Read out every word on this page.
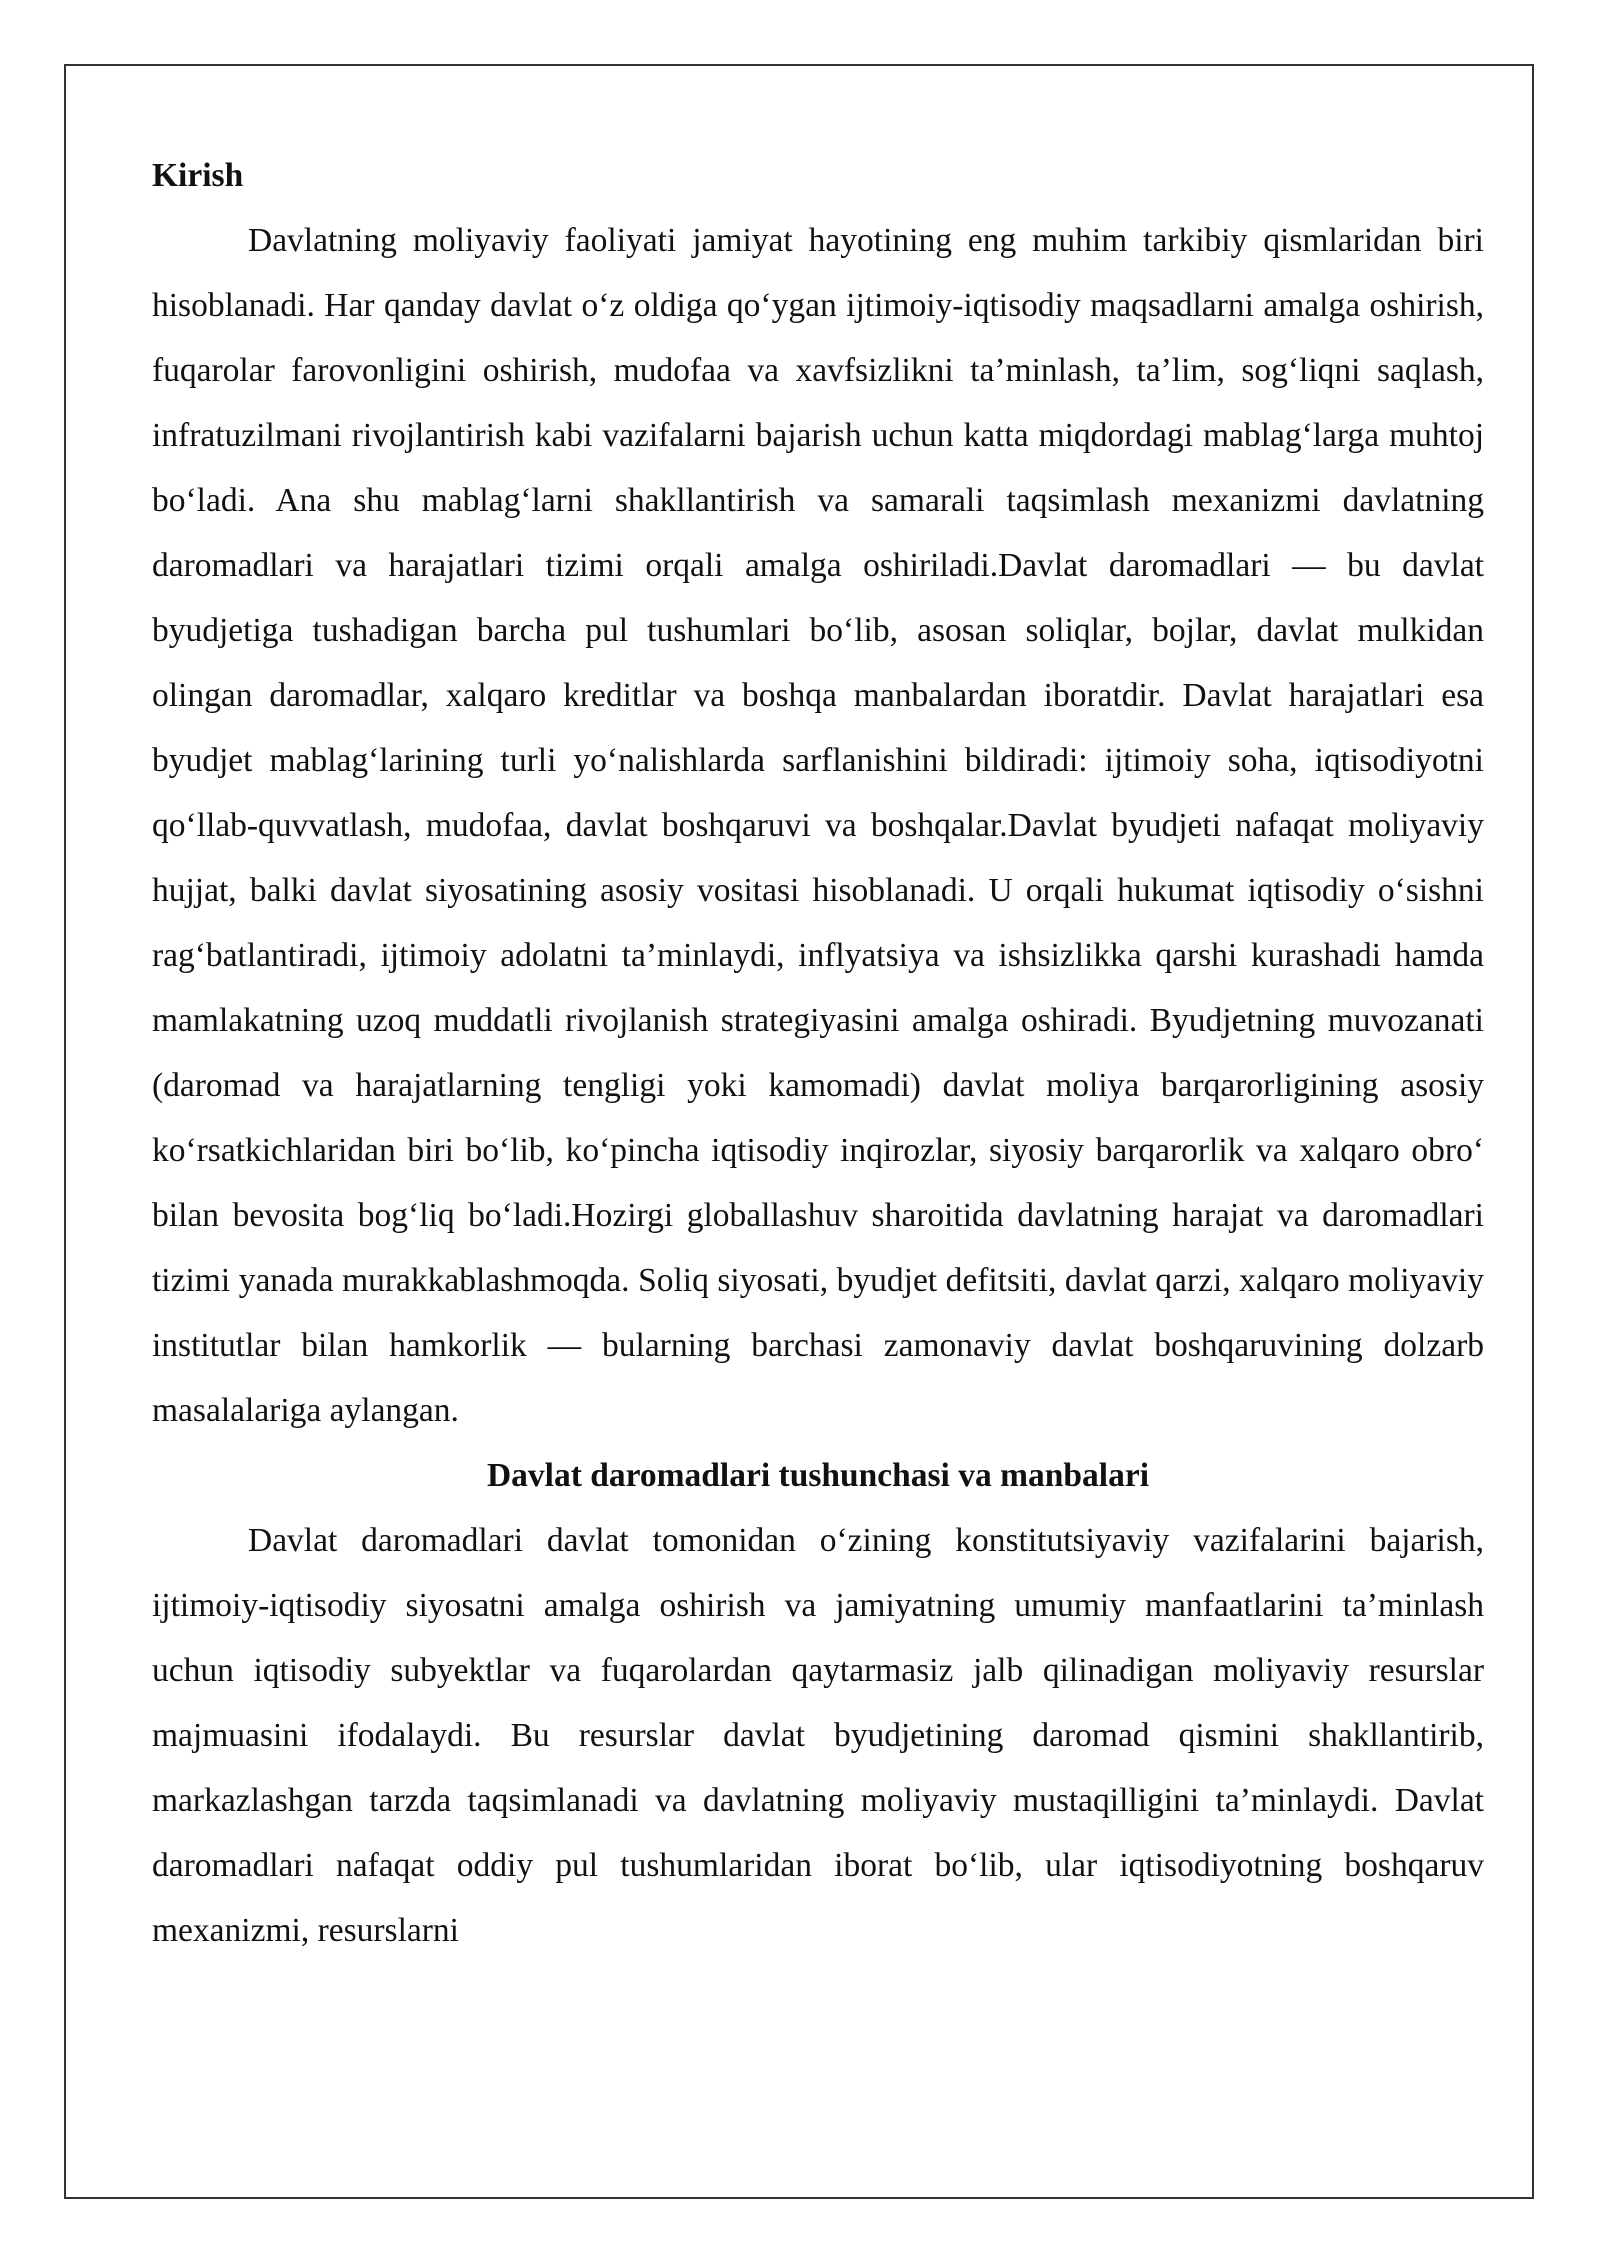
Kirish

Davlatning moliyaviy faoliyati jamiyat hayotining eng muhim tarkibiy qismlaridan biri hisoblanadi. Har qanday davlat o‘z oldiga qo‘ygan ijtimoiy-iqtisodiy maqsadlarni amalga oshirish, fuqarolar farovonligini oshirish, mudofaa va xavfsizlikni ta’minlash, ta’lim, sog‘liqni saqlash, infratuzilmani rivojlantirish kabi vazifalarni bajarish uchun katta miqdordagi mablag‘larga muhtoj bo‘ladi. Ana shu mablag‘larni shakllantirish va samarali taqsimlash mexanizmi davlatning daromadlari va harajatlari tizimi orqali amalga oshiriladi.Davlat daromadlari — bu davlat byudjetiga tushadigan barcha pul tushumlari bo‘lib, asosan soliqlar, bojlar, davlat mulkidan olingan daromadlar, xalqaro kreditlar va boshqa manbalardan iboratdir. Davlat harajatlari esa byudjet mablag‘larining turli yo‘nalishlarda sarflanishini bildiradi: ijtimoiy soha, iqtisodiyotni qo‘llab-quvvatlash, mudofaa, davlat boshqaruvi va boshqalar.Davlat byudjeti nafaqat moliyaviy hujjat, balki davlat siyosatining asosiy vositasi hisoblanadi. U orqali hukumat iqtisodiy o‘sishni rag‘batlantiradi, ijtimoiy adolatni ta’minlaydi, inflyatsiya va ishsizlikka qarshi kurashadi hamda mamlakatning uzoq muddatli rivojlanish strategiyasini amalga oshiradi. Byudjetning muvozanati (daromad va harajatlarning tengligi yoki kamomadi) davlat moliya barqarorligining asosiy ko‘rsatkichlaridan biri bo‘lib, ko‘pincha iqtisodiy inqirozlar, siyosiy barqarorlik va xalqaro obro‘ bilan bevosita bog‘liq bo‘ladi.Hozirgi globallashuv sharoitida davlatning harajat va daromadlari tizimi yanada murakkablashmoqda. Soliq siyosati, byudjet defitsiti, davlat qarzi, xalqaro moliyaviy institutlar bilan hamkorlik — bularning barchasi zamonaviy davlat boshqaruvining dolzarb masalalariga aylangan.

Davlat daromadlari tushunchasi va manbalari

Davlat daromadlari davlat tomonidan o‘zining konstitutsiyaviy vazifalarini bajarish, ijtimoiy-iqtisodiy siyosatni amalga oshirish va jamiyatning umumiy manfaatlarini ta’minlash uchun iqtisodiy subyektlar va fuqarolardan qaytarmasiz jalb qilinadigan moliyaviy resurslar majmuasini ifodalaydi. Bu resurslar davlat byudjetining daromad qismini shakllantirib, markazlashgan tarzda taqsimlanadi va davlatning moliyaviy mustaqilligini ta’minlaydi. Davlat daromadlari nafaqat oddiy pul tushumlaridan iborat bo‘lib, ular iqtisodiyotning boshqaruv mexanizmi, resurslarni
